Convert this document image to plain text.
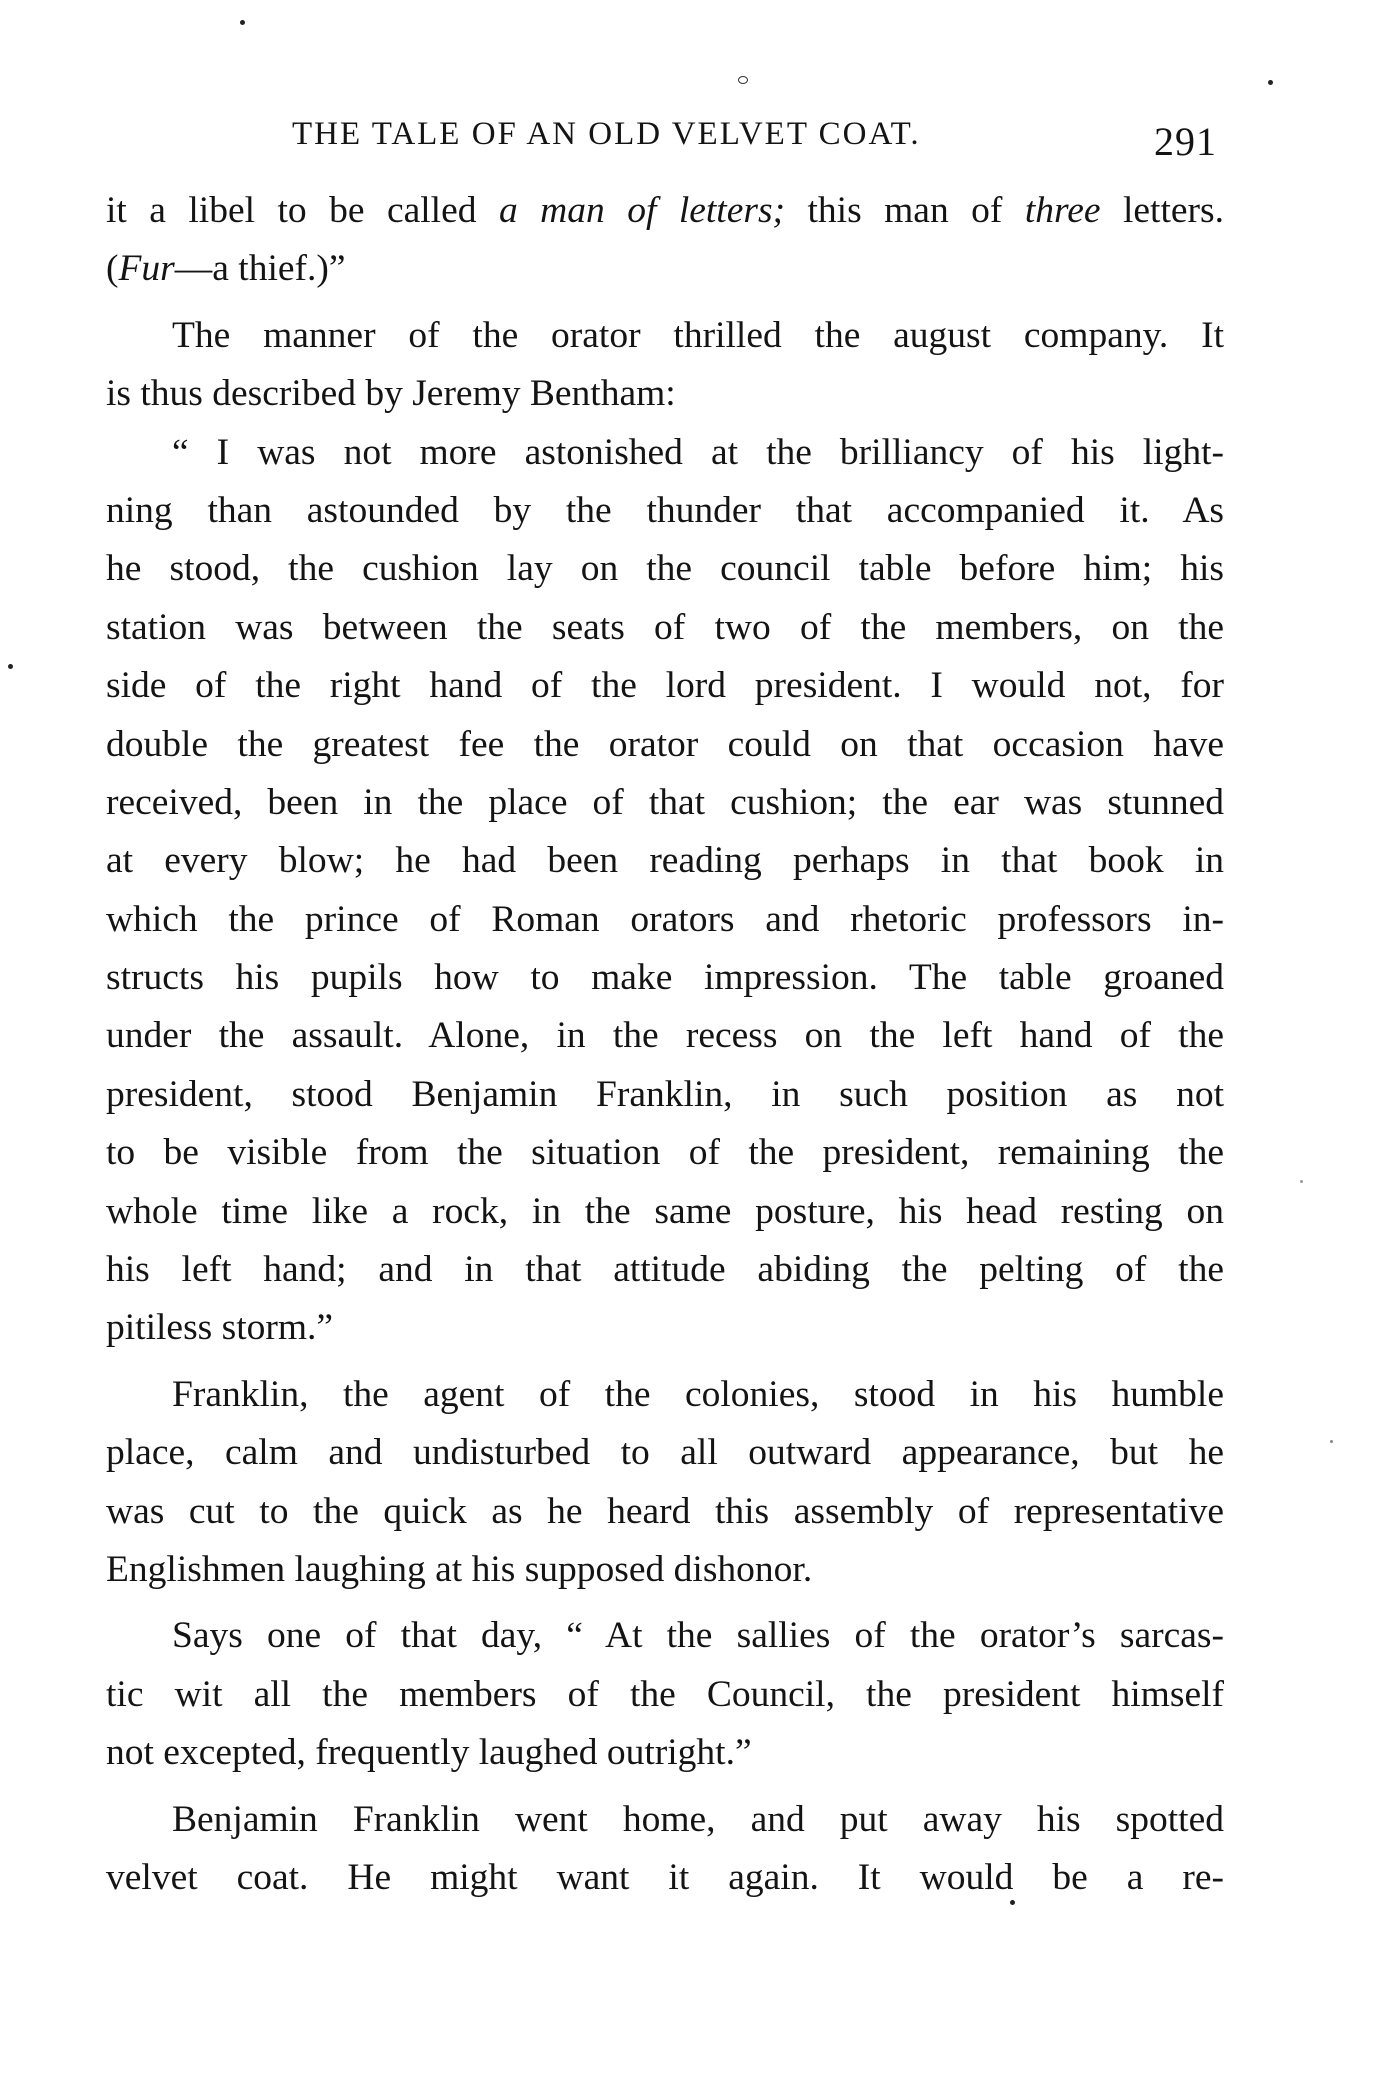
THE TALE OF AN OLD VELVET COAT.	291
it a libel to be called a man of letters; this man of three letters.
(Fur—a thief.)”
The manner of the orator thrilled the august company. It
is thus described by Jeremy Bentham:
“ I was not more astonished at the brilliancy of his light-
ning than astounded by the thunder that accompanied it. As
he stood, the cushion lay on the council table before him; his
station was between the seats of two of the members, on the
side of the right hand of the lord president. I would not, for
double the greatest fee the orator could on that occasion have
received, been in the place of that cushion; the ear was stunned
at every blow; he had been reading perhaps in that book in
which the prince of Roman orators and rhetoric professors in-
structs his pupils how to make impression. The table groaned
under the assault. Alone, in the recess on the left hand of the
president, stood Benjamin Franklin, in such position as not
to be visible from the situation of the president, remaining the
whole time like a rock, in the same posture, his head resting on
his left hand; and in that attitude abiding the pelting of the
pitiless storm.”
Franklin, the agent of the colonies, stood in his humble
place, calm and undisturbed to all outward appearance, but he
was cut to the quick as he heard this assembly of representative
Englishmen laughing at his supposed dishonor.
Says one of that day, “ At the sallies of the orator’s sarcas-
tic wit all the members of the Council, the president himself
not excepted, frequently laughed outright.”
Benjamin Franklin went home, and put away his spotted
velvet coat. He might want it again. It would be a re-
